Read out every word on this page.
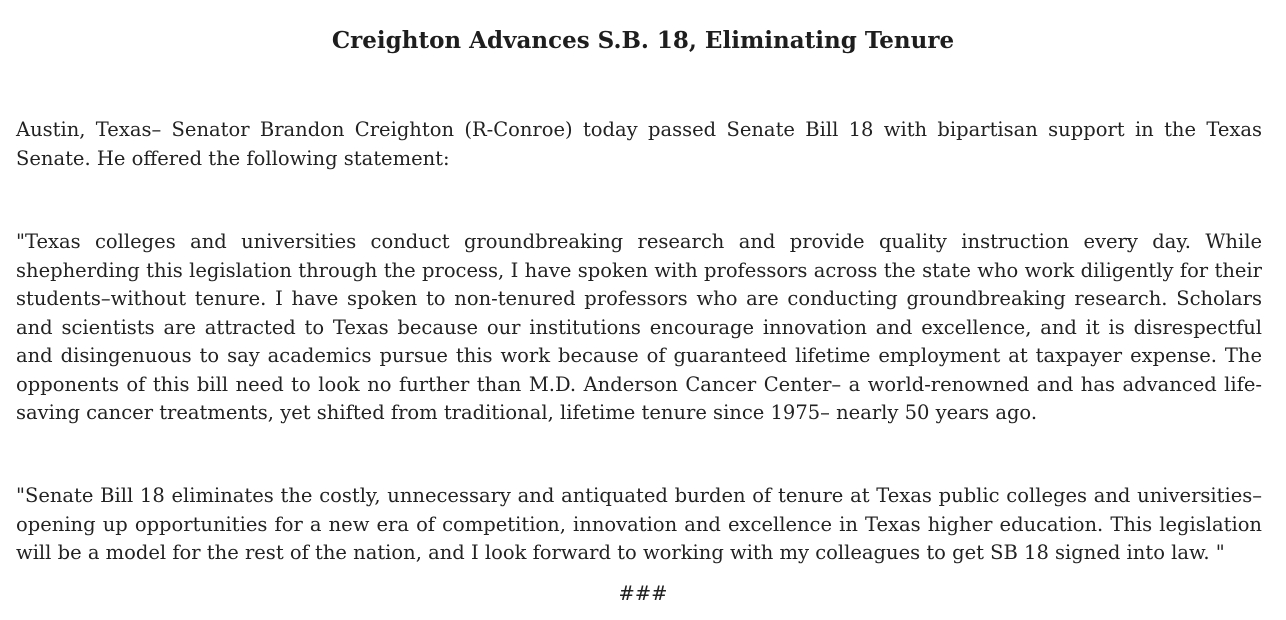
Creighton Advances S.B. 18, Eliminating Tenure

Austin, Texas– Senator Brandon Creighton (R-Conroe) today passed Senate Bill 18 with bipartisan support in the Texas Senate. He offered the following statement:

"Texas colleges and universities conduct groundbreaking research and provide quality instruction every day. While shepherding this legislation through the process, I have spoken with professors across the state who work diligently for their students–without tenure. I have spoken to non-tenured professors who are conducting groundbreaking research. Scholars and scientists are attracted to Texas because our institutions encourage innovation and excellence, and it is disrespectful and disingenuous to say academics pursue this work because of guaranteed lifetime employment at taxpayer expense. The opponents of this bill need to look no further than M.D. Anderson Cancer Center– a world-renowned and has advanced life-saving cancer treatments, yet shifted from traditional, lifetime tenure since 1975– nearly 50 years ago.

"Senate Bill 18 eliminates the costly, unnecessary and antiquated burden of tenure at Texas public colleges and universities–opening up opportunities for a new era of competition, innovation and excellence in Texas higher education. This legislation will be a model for the rest of the nation, and I look forward to working with my colleagues to get SB 18 signed into law. "

###
